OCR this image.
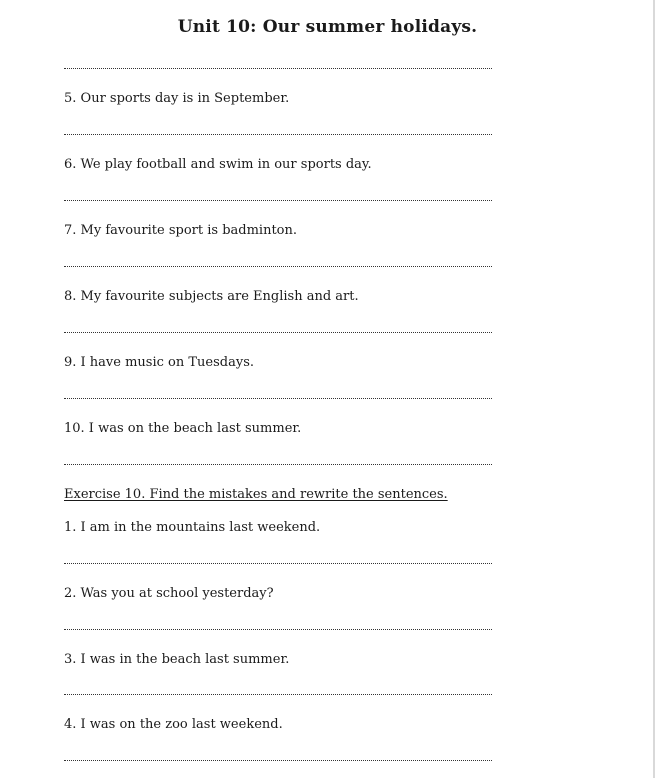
Unit 10: Our summer holidays.
5. Our sports day is in September.
6. We play football and swim in our sports day.
7. My favourite sport is badminton.
8. My favourite subjects are English and art.
9. I have music on Tuesdays.
10. I was on the beach last summer.
Exercise 10. Find the mistakes and rewrite the sentences.
1. I am in the mountains last weekend.
2. Was you at school yesterday?
3. I was in the beach last summer.
4. I was on the zoo last weekend.
